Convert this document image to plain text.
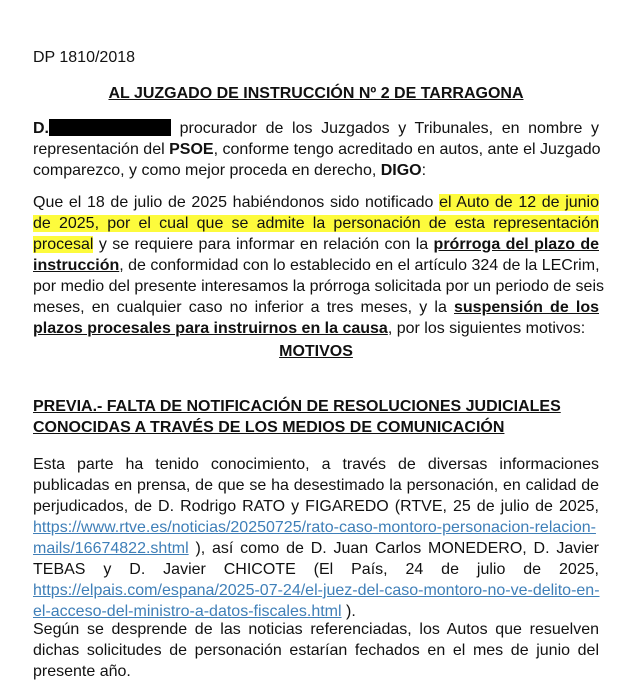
DP 1810/2018
AL JUZGADO DE INSTRUCCIÓN Nº 2 DE TARRAGONA
D.	procurador de los Juzgados y Tribunales, en nombre y
representación del PSOE, conforme tengo acreditado en autos, ante el Juzgado
comparezco, y como mejor proceda en derecho, DIGO:
Que el 18 de julio de 2025 habiéndonos sido notificado el Auto de 12 de junio
de 2025, por el cual que se admite la personación de esta representación
procesal y se requiere para informar en relación con la prórroga del plazo de
instrucción, de conformidad con lo establecido en el artículo 324 de la LECrim,
por medio del presente interesamos la prórroga solicitada por un periodo de seis
meses, en cualquier caso no inferior a tres meses, y la suspensión de los
plazos procesales para instruirnos en la causa, por los siguientes motivos:
MOTIVOS
PREVIA.- FALTA DE NOTIFICACIÓN DE RESOLUCIONES JUDICIALES
CONOCIDAS A TRAVÉS DE LOS MEDIOS DE COMUNICACIÓN
Esta parte ha tenido conocimiento, a través de diversas informaciones
publicadas en prensa, de que se ha desestimado la personación, en calidad de
perjudicados, de D. Rodrigo RATO y FIGAREDO (RTVE, 25 de julio de 2025,
https://www.rtve.es/noticias/20250725/rato-caso-montoro-personacion-relacion-
mails/16674822.shtml ), así como de D. Juan Carlos MONEDERO, D. Javier
TEBAS y D. Javier CHICOTE (El País, 24 de julio de 2025,
https://elpais.com/espana/2025-07-24/el-juez-del-caso-montoro-no-ve-delito-en-
el-acceso-del-ministro-a-datos-fiscales.html ).
Según se desprende de las noticias referenciadas, los Autos que resuelven
dichas solicitudes de personación estarían fechados en el mes de junio del
presente año.
